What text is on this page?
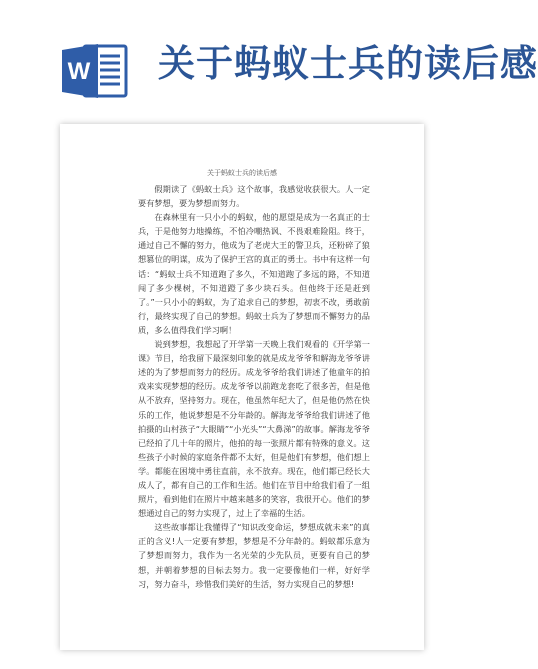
W 关于蚂蚁士兵的读后感
关于蚂蚁士兵的读后感

假期读了《蚂蚁士兵》这个故事，我感觉收获很大。人一定要有梦想，要为梦想而努力。

在森林里有一只小小的蚂蚁，他的愿望是成为一名真正的士兵，于是他努力地操练，不怕冷嘲热讽、不畏艰难险阻。终于，通过自己不懈的努力，他成为了老虎大王的警卫兵，还粉碎了狼想篡位的明谋，成为了保护王宫的真正的勇士。书中有这样一句话：“蚂蚁士兵不知道跑了多久，不知道跑了多远的路，不知道闯了多少棵树，不知道蹬了多少块石头。但他终于还是赶到了。”一只小小的蚂蚁，为了追求自己的梦想，初衷不改，勇敢前行，最终实现了自己的梦想。蚂蚁士兵为了梦想而不懈努力的品质，多么值得我们学习啊！

说到梦想，我想起了开学第一天晚上我们观看的《开学第一课》节目，给我留下最深刻印象的就是成龙爷爷和解海龙爷爷讲述的为了梦想而努力的经历。成龙爷爷给我们讲述了他童年的拍戏来实现梦想的经历。成龙爷爷以前跑龙套吃了很多苦，但是他从不放弃，坚持努力。现在，他虽然年纪大了，但是他仍然在快乐的工作，他说梦想是不分年龄的。解海龙爷爷给我们讲述了他拍摄的山村孩子“大眼睛”“小光头”“大鼻涕”的故事。解海龙爷爷已经拍了几十年的照片，他拍的每一张照片都有特殊的意义。这些孩子小时候的家庭条件都不太好，但是他们有梦想，他们想上学。都能在困境中勇往直前，永不放弃。现在，他们都已经长大成人了，都有自己的工作和生活。他们在节目中给我们看了一组照片，看到他们在照片中越来越多的笑容，我很开心。他们的梦想通过自己的努力实现了，过上了幸福的生活。

这些故事都让我懂得了“知识改变命运，梦想成就未来”的真正的含义!人一定要有梦想，梦想是不分年龄的。蚂蚁都乐意为了梦想而努力，我作为一名光荣的少先队员，更要有自己的梦想，并朝着梦想的目标去努力。我一定要像他们一样，好好学习，努力奋斗，珍惜我们美好的生活，努力实现自己的梦想!
